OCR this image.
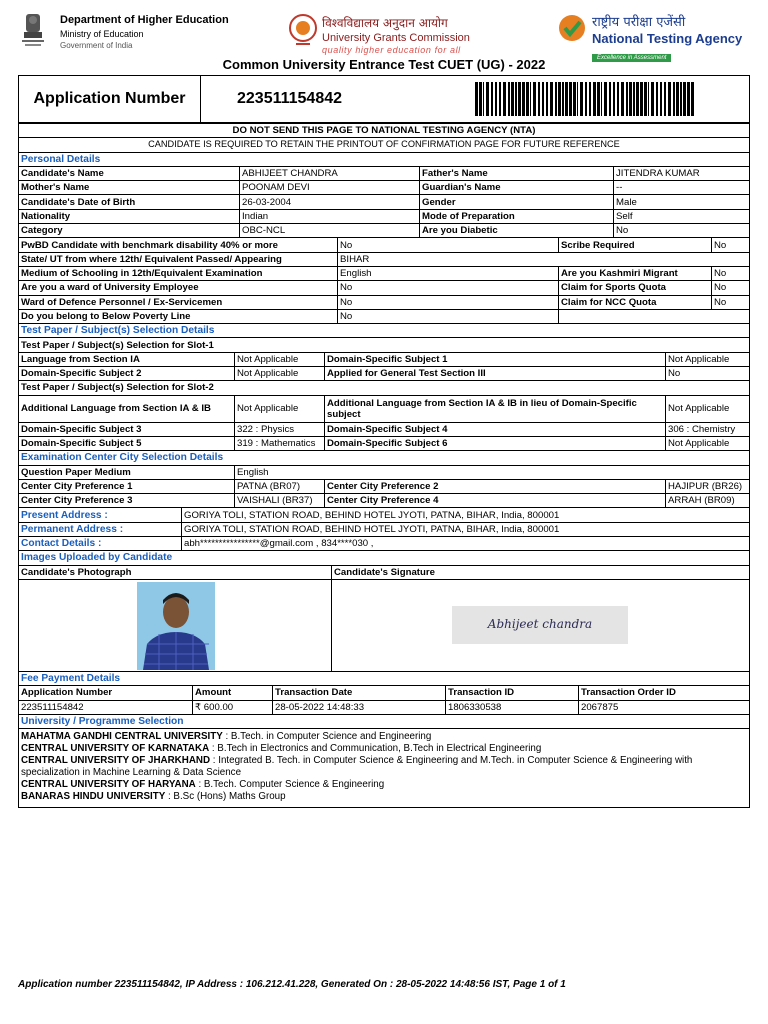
Department of Higher Education
Ministry of Education
Government of India
विश्वविद्यालय अनुदान आयोग
University Grants Commission
quality higher education for all
राष्ट्रीय परीक्षा एजेंसी
National Testing Agency
Excellence in Assessment
Common University Entrance Test CUET (UG) - 2022
Application Number	223511154842
DO NOT SEND THIS PAGE TO NATIONAL TESTING AGENCY (NTA)
CANDIDATE IS REQUIRED TO RETAIN THE PRINTOUT OF CONFIRMATION PAGE FOR FUTURE REFERENCE
Personal Details
Candidate's Name	ABHIJEET CHANDRA	Father's Name	JITENDRA KUMAR
Mother's Name	POONAM DEVI	Guardian's Name	--
Candidate's Date of Birth	26-03-2004	Gender	Male
Nationality	Indian	Mode of Preparation	Self
Category	OBC-NCL	Are you Diabetic	No
PwBD Candidate with benchmark disability 40% or more	No	Scribe Required	No
State/ UT from where 12th/ Equivalent Passed/ Appearing	BIHAR
Medium of Schooling in 12th/Equivalent Examination	English	Are you Kashmiri Migrant	No
Are you a ward of University Employee	No	Claim for Sports Quota	No
Ward of Defence Personnel / Ex-Servicemen	No	Claim for NCC Quota	No
Do you belong to Below Poverty Line	No
Test Paper / Subject(s) Selection Details
Test Paper / Subject(s) Selection for Slot-1
Language from Section IA	Not Applicable	Domain-Specific Subject 1	Not Applicable
Domain-Specific Subject 2	Not Applicable	Applied for General Test Section III	No
Test Paper / Subject(s) Selection for Slot-2
Additional Language from Section IA & IB	Not Applicable	Additional Language from Section IA & IB in lieu of Domain-Specific subject	Not Applicable
Domain-Specific Subject 3	322 : Physics	Domain-Specific Subject 4	306 : Chemistry
Domain-Specific Subject 5	319 : Mathematics	Domain-Specific Subject 6	Not Applicable
Examination Center City Selection Details
Question Paper Medium	English
Center City Preference 1	PATNA (BR07)	Center City Preference 2	HAJIPUR (BR26)
Center City Preference 3	VAISHALI (BR37)	Center City Preference 4	ARRAH (BR09)
Present Address :	GORIYA TOLI, STATION ROAD, BEHIND HOTEL JYOTI, PATNA, BIHAR, India, 800001
Permanent Address :	GORIYA TOLI, STATION ROAD, BEHIND HOTEL JYOTI, PATNA, BIHAR, India, 800001
Contact Details :	abh****************@gmail.com , 834****030 ,
Images Uploaded by Candidate
Candidate's Photograph	Candidate's Signature
Abhijeet chandra
Fee Payment Details
Application Number	Amount	Transaction Date	Transaction ID	Transaction Order ID
223511154842	₹ 600.00	28-05-2022 14:48:33	1806330538	2067875
University / Programme Selection

MAHATMA GANDHI CENTRAL UNIVERSITY : B.Tech. in Computer Science and Engineering

CENTRAL UNIVERSITY OF KARNATAKA : B.Tech in Electronics and Communication, B.Tech in Electrical Engineering

CENTRAL UNIVERSITY OF JHARKHAND : Integrated B. Tech. in Computer Science & Engineering and M.Tech. in Computer Science & Engineering with specialization in Machine Learning & Data Science

CENTRAL UNIVERSITY OF HARYANA : B.Tech. Computer Science & Engineering

BANARAS HINDU UNIVERSITY : B.Sc (Hons) Maths Group

Application number 223511154842, IP Address : 106.212.41.228, Generated On : 28-05-2022 14:48:56 IST, Page 1 of 1
